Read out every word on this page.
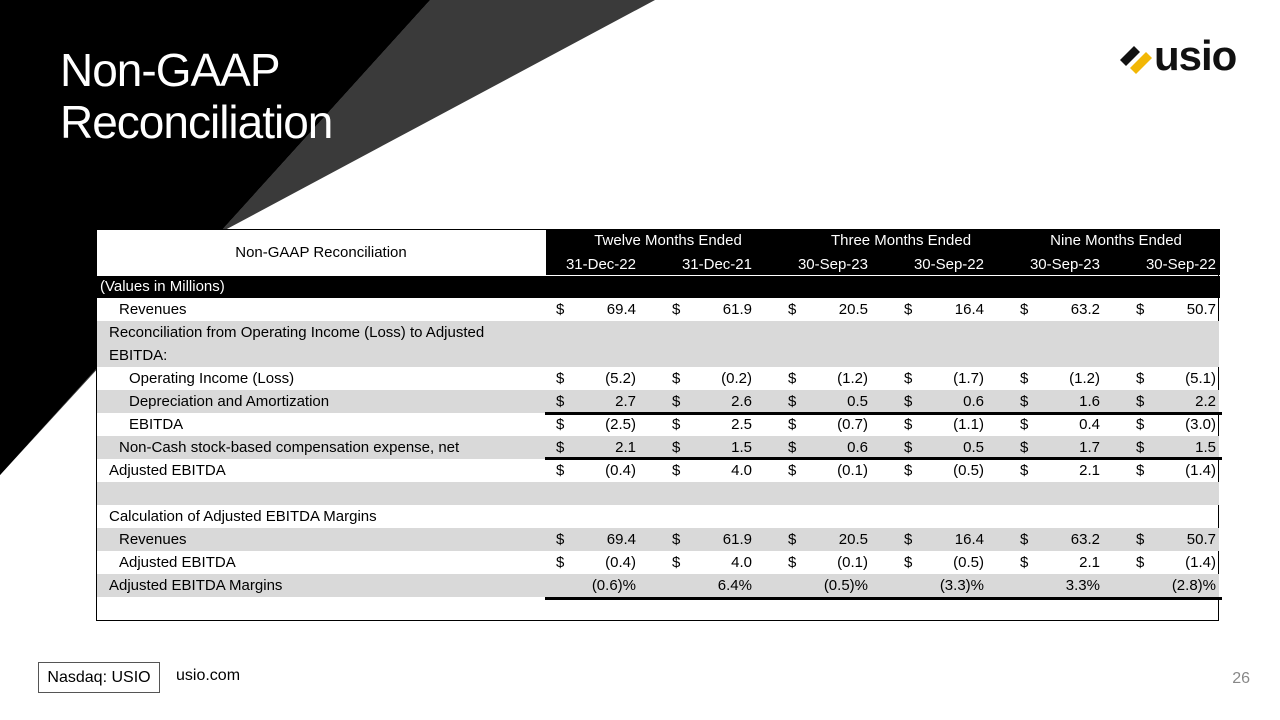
Non-GAAP
Reconciliation
usio
Non-GAAP Reconciliation
Twelve Months Ended	Three Months Ended	Nine Months Ended
31-Dec-22	31-Dec-21	30-Sep-23	30-Sep-22	30-Sep-23	30-Sep-22
(Values in Millions)
Revenues	$	69.4 $	61.9 $	20.5 $	16.4 $	63.2 $	50.7
Reconciliation from Operating Income (Loss) to Adjusted EBITDA:
Operating Income (Loss)	$	(5.2) $	(0.2) $	(1.2) $	(1.7) $	(1.2) $	(5.1)
Depreciation and Amortization	$	2.7 $	2.6 $	0.5 $	0.6 $	1.6 $	2.2
EBITDA	$	(2.5) $	2.5 $	(0.7) $	(1.1) $	0.4 $	(3.0)
Non-Cash stock-based compensation expense, net	$	2.1 $	1.5 $	0.6 $	0.5 $	1.7 $	1.5
Adjusted EBITDA	$	(0.4) $	4.0 $	(0.1) $	(0.5) $	2.1 $	(1.4)
Calculation of Adjusted EBITDA Margins
Revenues	$	69.4 $	61.9 $	20.5 $	16.4 $	63.2 $	50.7
Adjusted EBITDA	$	(0.4) $	4.0 $	(0.1) $	(0.5) $	2.1 $	(1.4)
Adjusted EBITDA Margins	(0.6)%	6.4%	(0.5)%	(3.3)%	3.3%	(2.8)%
Nasdaq: USIO	usio.com	26
